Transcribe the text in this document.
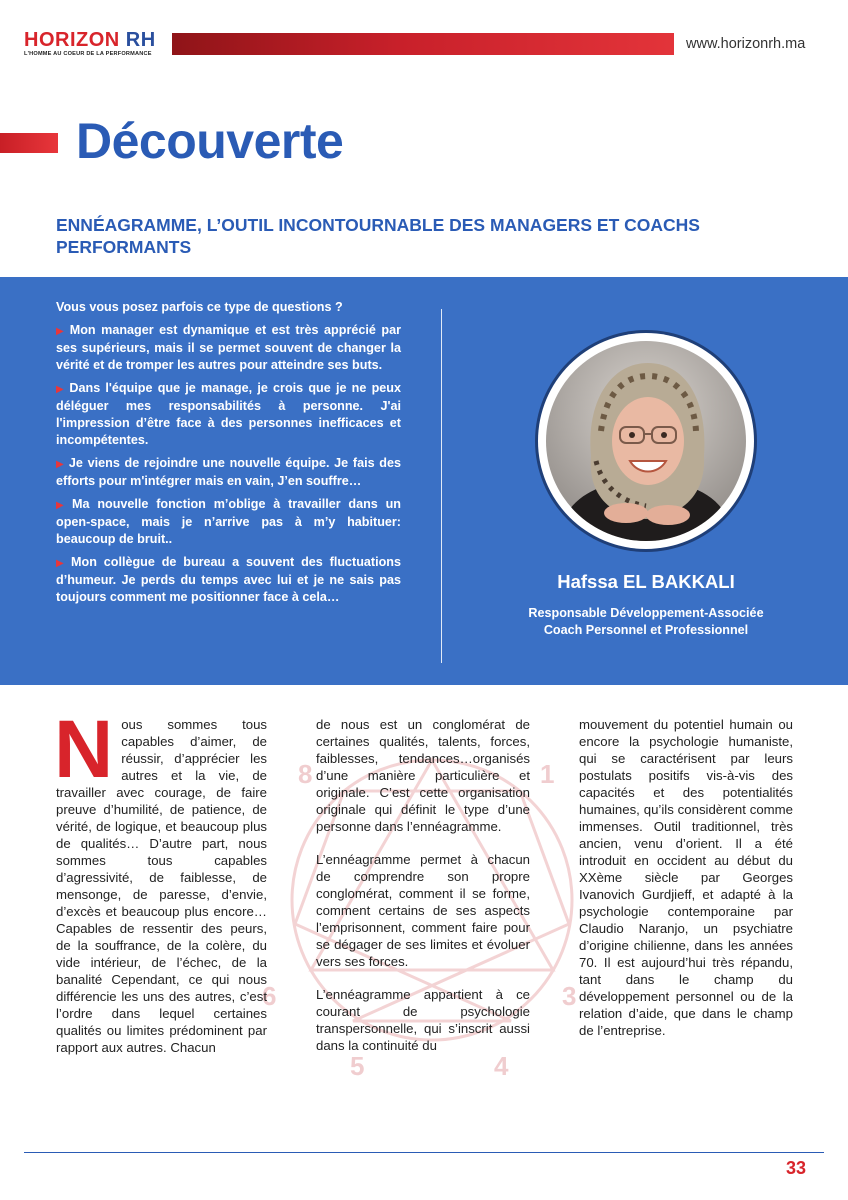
HORIZON RH
L'HOMME AU COEUR DE LA PERFORMANCE
www.horizonrh.ma
Découverte
ENNÉAGRAMME, L’OUTIL INCONTOURNABLE DES MANAGERS ET COACHS PERFORMANTS
Vous vous posez parfois ce type de questions ?
▶ Mon manager est dynamique et est très apprécié par ses supérieurs, mais il se permet souvent de changer la vérité et de tromper les autres pour atteindre ses buts.
▶ Dans l'équipe que je manage, je crois que je ne peux déléguer mes responsabilités à personne. J'ai l'impression d’être face à des personnes inefficaces et incompétentes.
▶ Je viens de rejoindre une nouvelle équipe. Je fais des efforts pour m'intégrer mais en vain, J’en souffre…
▶ Ma nouvelle fonction m’oblige à travailler dans un open-space, mais je n’arrive pas à m’y habituer: beaucoup de bruit..
▶ Mon collègue de bureau a souvent des fluctuations d’humeur. Je perds du temps avec lui et je ne sais pas toujours comment me positionner face à cela…
Hafssa EL BAKKALI
Responsable Développement-Associée
Coach Personnel et Professionnel
8	1
6	3
5	4

Nous sommes tous capables d’aimer, de réussir, d’apprécier les autres et la vie, de travailler avec courage, de faire preuve d’humilité, de patience, de vérité, de logique, et beaucoup plus de qualités… D’autre part, nous sommes tous capables d’agressivité, de faiblesse, de mensonge, de paresse, d’envie, d’excès et beaucoup plus encore… Capables de ressentir des peurs, de la souffrance, de la colère, du vide intérieur, de l’échec, de la banalité Cependant, ce qui nous différencie les uns des autres, c’est l’ordre dans lequel certaines qualités ou limites prédominent par rapport aux autres. Chacun

de nous est un conglomérat de certaines qualités, talents, forces, faiblesses, tendances…organisés d’une manière particulière et originale. C’est cette organisation originale qui définit le type d’une personne dans l’ennéagramme.

L’ennéagramme permet à chacun de comprendre son propre conglomérat, comment il se forme, comment certains de ses aspects l’emprisonnent, comment faire pour se dégager de ses limites et évoluer vers ses forces.

L’ennéagramme appartient à ce courant de psychologie transpersonnelle, qui s’inscrit aussi dans la continuité du

mouvement du potentiel humain ou encore la psychologie humaniste, qui se caractérisent par leurs postulats positifs vis-à-vis des capacités et des potentialités humaines, qu’ils considèrent comme immenses. Outil traditionnel, très ancien, venu d’orient. Il a été introduit en occident au début du XXème siècle par Georges Ivanovich Gurdjieff, et adapté à la psychologie contemporaine par Claudio Naranjo, un psychiatre d’origine chilienne, dans les années 70. Il est aujourd’hui très répandu, tant dans le champ du développement personnel ou de la relation d’aide, que dans le champ de l’entreprise.

33
